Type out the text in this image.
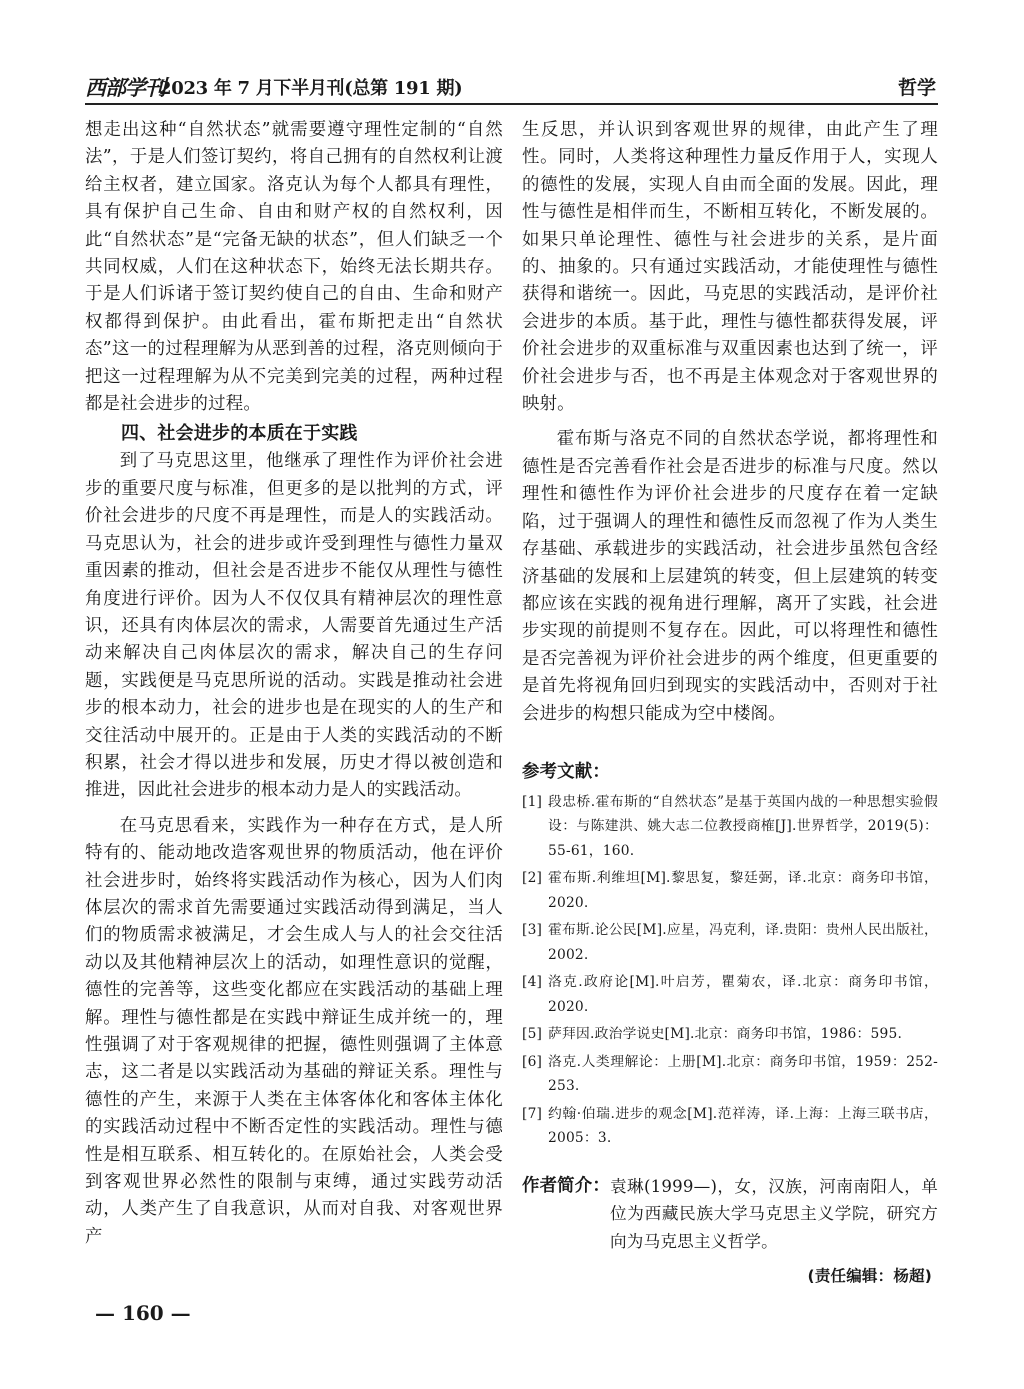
西部学刊
2023 年 7 月下半月刊(总第 191 期)	哲学

想走出这种“自然状态”就需要遵守理性定制的“自然法”，于是人们签订契约，将自己拥有的自然权利让渡给主权者，建立国家。洛克认为每个人都具有理性，具有保护自己生命、自由和财产权的自然权利，因此“自然状态”是“完备无缺的状态”，但人们缺乏一个共同权威，人们在这种状态下，始终无法长期共存。于是人们诉诸于签订契约使自己的自由、生命和财产权都得到保护。由此看出，霍布斯把走出“自然状态”这一的过程理解为从恶到善的过程，洛克则倾向于把这一过程理解为从不完美到完美的过程，两种过程都是社会进步的过程。

四、社会进步的本质在于实践

到了马克思这里，他继承了理性作为评价社会进步的重要尺度与标准，但更多的是以批判的方式，评价社会进步的尺度不再是理性，而是人的实践活动。马克思认为，社会的进步或许受到理性与德性力量双重因素的推动，但社会是否进步不能仅从理性与德性角度进行评价。因为人不仅仅具有精神层次的理性意识，还具有肉体层次的需求，人需要首先通过生产活动来解决自己肉体层次的需求，解决自己的生存问题，实践便是马克思所说的活动。实践是推动社会进步的根本动力，社会的进步也是在现实的人的生产和交往活动中展开的。正是由于人类的实践活动的不断积累，社会才得以进步和发展，历史才得以被创造和推进，因此社会进步的根本动力是人的实践活动。

在马克思看来，实践作为一种存在方式，是人所特有的、能动地改造客观世界的物质活动，他在评价社会进步时，始终将实践活动作为核心，因为人们肉体层次的需求首先需要通过实践活动得到满足，当人们的物质需求被满足，才会生成人与人的社会交往活动以及其他精神层次上的活动，如理性意识的觉醒，德性的完善等，这些变化都应在实践活动的基础上理解。理性与德性都是在实践中辩证生成并统一的，理性强调了对于客观规律的把握，德性则强调了主体意志，这二者是以实践活动为基础的辩证关系。理性与德性的产生，来源于人类在主体客体化和客体主体化的实践活动过程中不断否定性的实践活动。理性与德性是相互联系、相互转化的。在原始社会，人类会受到客观世界必然性的限制与束缚，通过实践劳动活动，人类产生了自我意识，从而对自我、对客观世界产

生反思，并认识到客观世界的规律，由此产生了理性。同时，人类将这种理性力量反作用于人，实现人的德性的发展，实现人自由而全面的发展。因此，理性与德性是相伴而生，不断相互转化，不断发展的。如果只单论理性、德性与社会进步的关系，是片面的、抽象的。只有通过实践活动，才能使理性与德性获得和谐统一。因此，马克思的实践活动，是评价社会进步的本质。基于此，理性与德性都获得发展，评价社会进步的双重标准与双重因素也达到了统一，评价社会进步与否，也不再是主体观念对于客观世界的映射。

霍布斯与洛克不同的自然状态学说，都将理性和德性是否完善看作社会是否进步的标准与尺度。然以理性和德性作为评价社会进步的尺度存在着一定缺陷，过于强调人的理性和德性反而忽视了作为人类生存基础、承载进步的实践活动，社会进步虽然包含经济基础的发展和上层建筑的转变，但上层建筑的转变都应该在实践的视角进行理解，离开了实践，社会进步实现的前提则不复存在。因此，可以将理性和德性是否完善视为评价社会进步的两个维度，但更重要的是首先将视角回归到现实的实践活动中，否则对于社会进步的构想只能成为空中楼阁。

参考文献：
[1] 段忠桥.霍布斯的“自然状态”是基于英国内战的一种思想实验假设：与陈建洪、姚大志二位教授商榷[J].世界哲学，2019(5)：55-61，160.
[2] 霍布斯.利维坦[M].黎思复，黎廷弼，译.北京：商务印书馆，2020.
[3] 霍布斯.论公民[M].应星，冯克利，译.贵阳：贵州人民出版社，2002.
[4] 洛克.政府论[M].叶启芳，瞿菊农，译.北京：商务印书馆，2020.
[5] 萨拜因.政治学说史[M].北京：商务印书馆，1986：595.
[6] 洛克.人类理解论：上册[M].北京：商务印书馆，1959：252-253.
[7] 约翰·伯瑞.进步的观念[M].范祥涛，译.上海：上海三联书店，2005：3.
作者简介： 袁琳(1999—)，女，汉族，河南南阳人，单位为西藏民族大学马克思主义学院，研究方向为马克思主义哲学。
(责任编辑：杨超)
— 160 —
